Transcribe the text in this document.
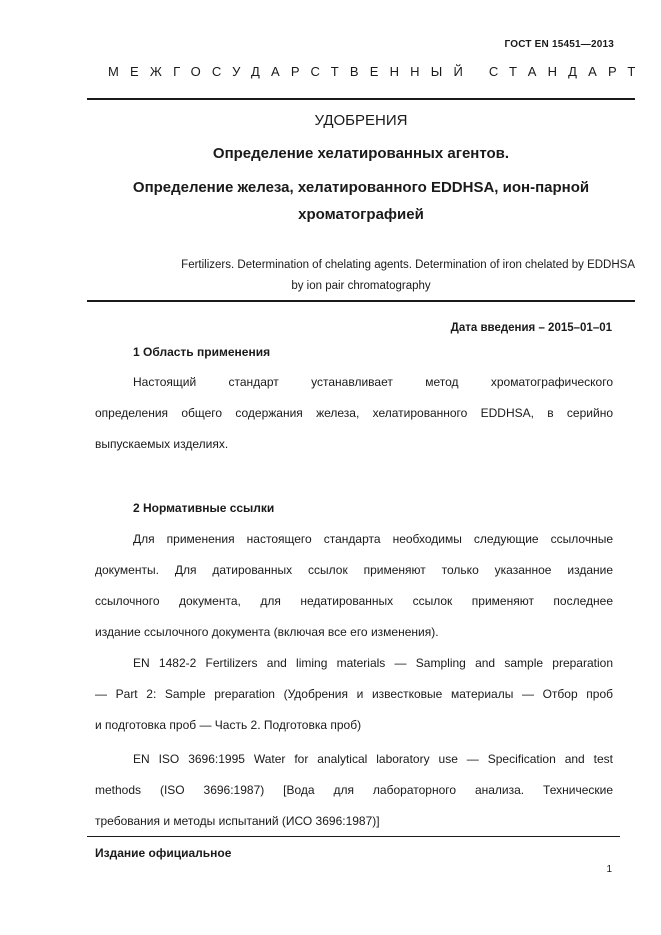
ГОСТ EN 15451—2013
МЕЖГОСУДАРСТВЕННЫЙ СТАНДАРТ
УДОБРЕНИЯ
Определение хелатированных агентов.
Определение железа, хелатированного EDDHSA, ион-парной
хроматографией
Fertilizers. Determination of chelating agents. Determination of iron chelated by EDDHSA
by ion pair chromatography
Дата введения – 2015–01–01
1 Область применения
Настоящий стандарт устанавливает метод хроматографического
определения общего содержания железа, хелатированного EDDHSA, в серийно
выпускаемых изделиях.
2 Нормативные ссылки
Для применения настоящего стандарта необходимы следующие ссылочные
документы. Для датированных ссылок применяют только указанное издание
ссылочного документа, для недатированных ссылок применяют последнее
издание ссылочного документа (включая все его изменения).
EN 1482-2 Fertilizers and liming materials — Sampling and sample preparation
— Part 2: Sample preparation (Удобрения и известковые материалы — Отбор проб
и подготовка проб — Часть 2. Подготовка проб)
EN ISO 3696:1995 Water for analytical laboratory use — Specification and test
methods (ISO 3696:1987) [Вода для лабораторного анализа. Технические
требования и методы испытаний (ИСО 3696:1987)]
Издание официальное
1
